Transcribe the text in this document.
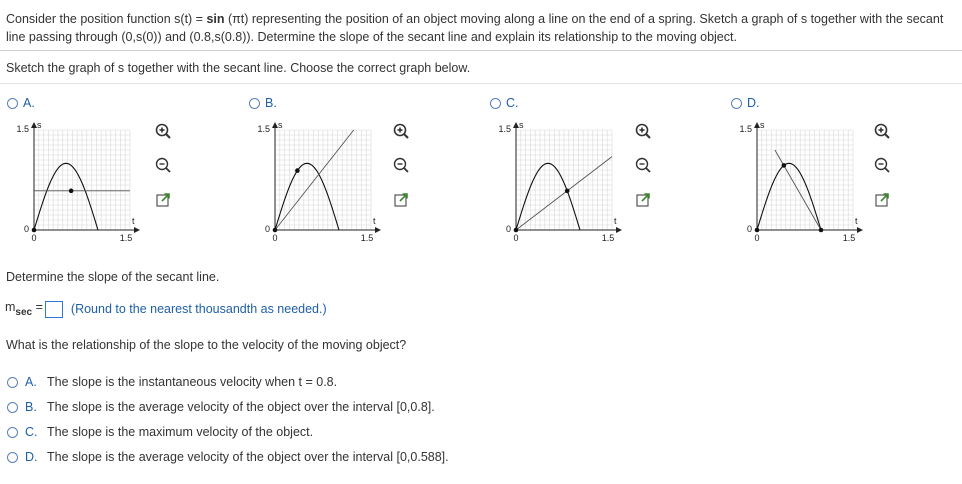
Consider the position function s(t) = sin (πt) representing the position of an object moving along a line on the end of a spring. Sketch a graph of s together with the secant line passing through (0,s(0)) and (0.8,s(0.8)). Determine the slope of the secant line and explain its relationship to the moving object.
Sketch the graph of s together with the secant line. Choose the correct graph below.
A.	B.	C.	D.
s
t
1.5
0
0	1.5
s
t
1.5
0
0	1.5
s
t
1.5
0
0	1.5
s
t
1.5
0
0	1.5
Determine the slope of the secant line.
$m_{sec}$ = (Round to the nearest thousandth as needed.)
What is the relationship of the slope to the velocity of the moving object?
A. The slope is the instantaneous velocity when t = 0.8.
B. The slope is the average velocity of the object over the interval [0,0.8].
C. The slope is the maximum velocity of the object.
D. The slope is the average velocity of the object over the interval [0,0.588].
